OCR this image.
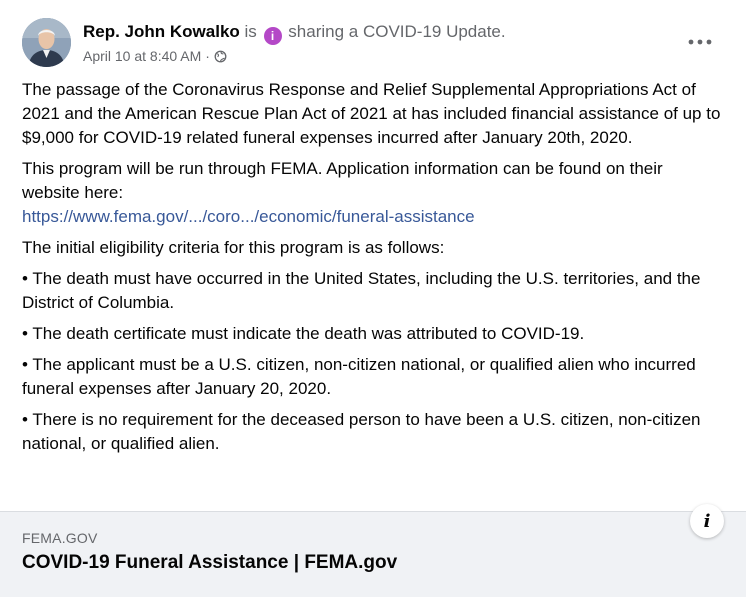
Rep. John Kowalko is i sharing a COVID-19 Update.
April 10 at 8:40 AM ·

The passage of the Coronavirus Response and Relief Supplemental Appropriations Act of 2021 and the American Rescue Plan Act of 2021 at has included financial assistance of up to $9,000 for COVID-19 related funeral expenses incurred after January 20th, 2020.

This program will be run through FEMA. Application information can be found on their website here:
https://www.fema.gov/.../coro.../economic/funeral-assistance

The initial eligibility criteria for this program is as follows:

• The death must have occurred in the United States, including the U.S. territories, and the District of Columbia.

• The death certificate must indicate the death was attributed to COVID-19.

• The applicant must be a U.S. citizen, non-citizen national, or qualified alien who incurred funeral expenses after January 20, 2020.

• There is no requirement for the deceased person to have been a U.S. citizen, non-citizen national, or qualified alien.

FEMA.GOV
COVID-19 Funeral Assistance | FEMA.gov
i
